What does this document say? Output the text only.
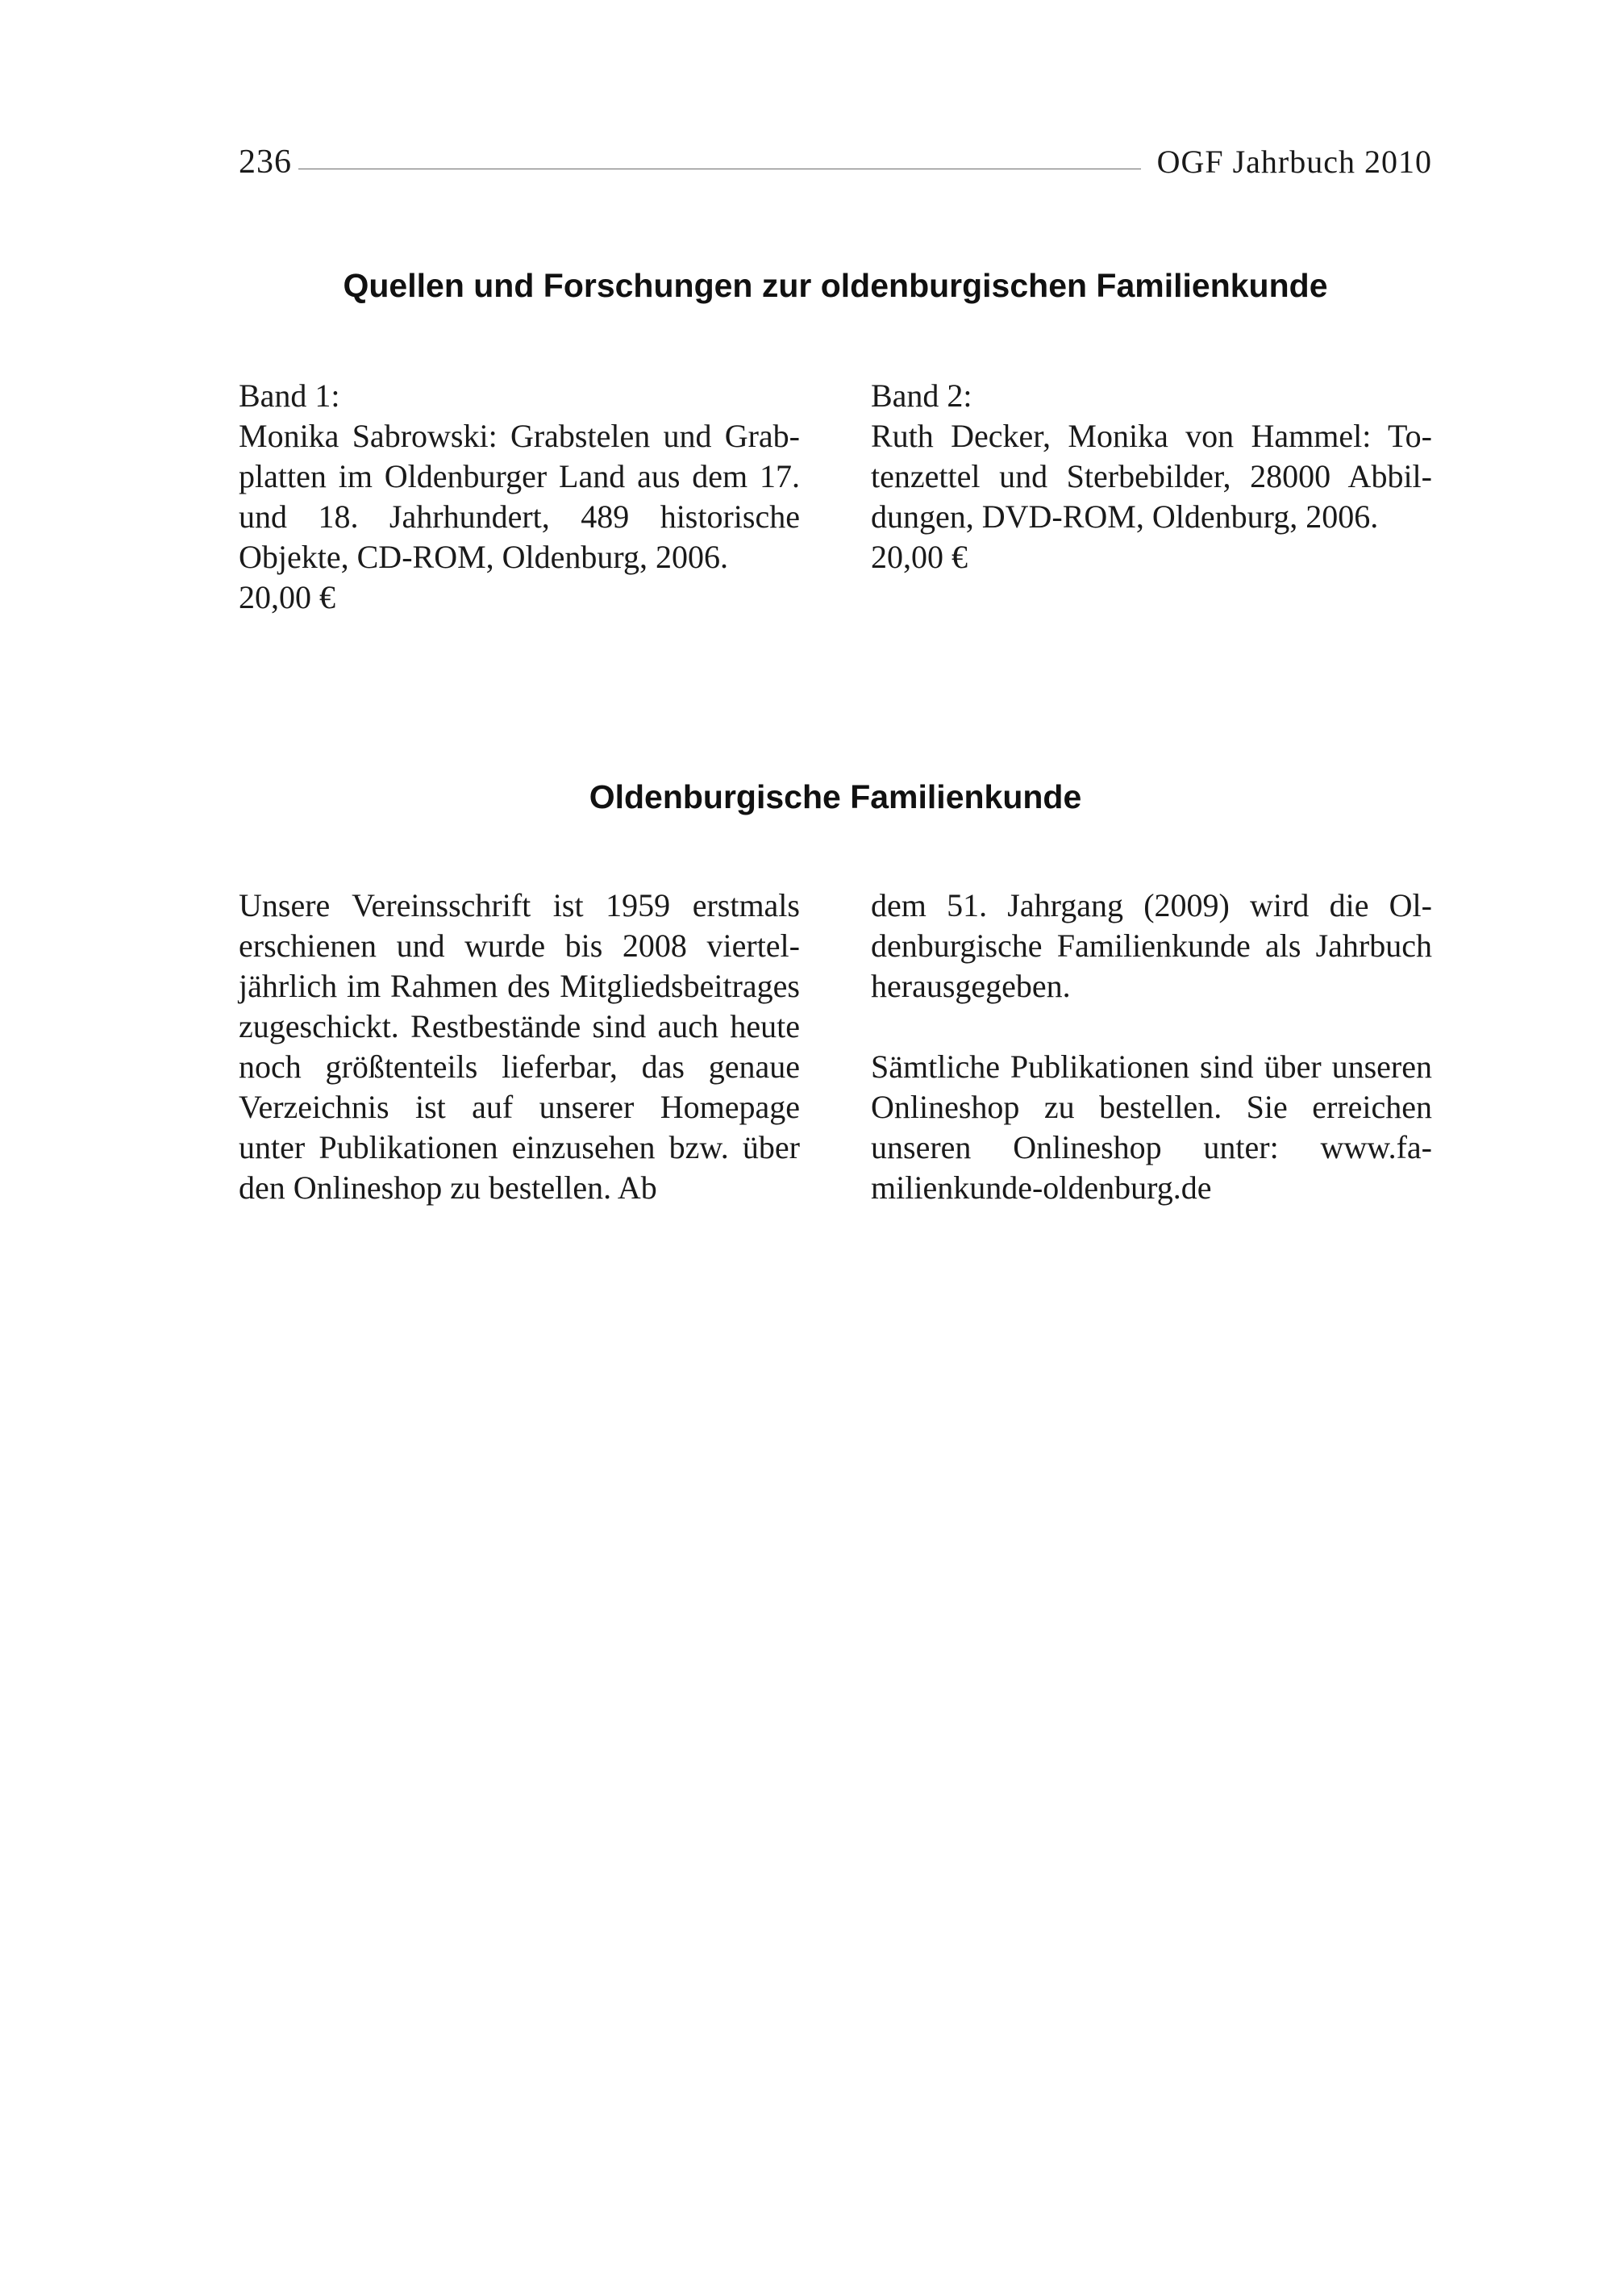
236	OGF Jahrbuch 2010
Quellen und Forschungen zur oldenburgischen Familienkunde

Band 1:

Monika Sabrowski: Grabstelen und Grabplatten im Oldenburger Land aus dem 17. und 18. Jahrhundert, 489 historische Objekte, CD-ROM, Oldenburg, 2006.

20,00 €

Band 2:

Ruth Decker, Monika von Hammel: Totenzettel und Sterbebilder, 28000 Abbildungen, DVD-ROM, Oldenburg, 2006.

20,00 €

Oldenburgische Familienkunde

Unsere Vereinsschrift ist 1959 erstmals erschienen und wurde bis 2008 vierteljährlich im Rahmen des Mitgliedsbeitrages zugeschickt. Restbestände sind auch heute noch größtenteils lieferbar, das genaue Verzeichnis ist auf unserer Homepage unter Publikationen einzusehen bzw. über den Onlineshop zu bestellen. Ab

dem 51. Jahrgang (2009) wird die Oldenburgische Familienkunde als Jahrbuch herausgegeben.

Sämtliche Publikationen sind über unseren Onlineshop zu bestellen. Sie erreichen unseren Onlineshop unter: www.familienkunde-oldenburg.de
